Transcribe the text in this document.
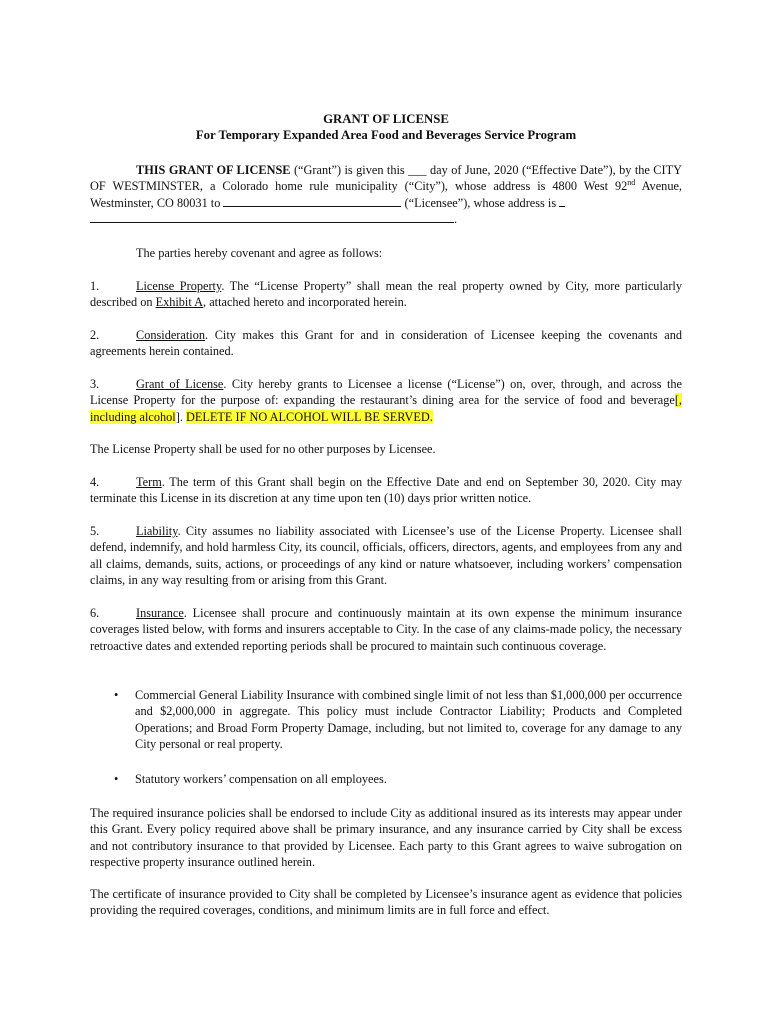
GRANT OF LICENSE
For Temporary Expanded Area Food and Beverages Service Program
THIS GRANT OF LICENSE (“Grant”) is given this ___ day of June, 2020 (“Effective Date”), by the CITY OF WESTMINSTER, a Colorado home rule municipality (“City”), whose address is 4800 West 92nd Avenue, Westminster, CO 80031 to	(“Licensee”), whose address is
.
The parties hereby covenant and agree as follows:
1.	License Property. The “License Property” shall mean the real property owned by City, more particularly described on Exhibit A, attached hereto and incorporated herein.
2.	Consideration. City makes this Grant for and in consideration of Licensee keeping the covenants and agreements herein contained.
3.	Grant of License. City hereby grants to Licensee a license (“License”) on, over, through, and across the License Property for the purpose of: expanding the restaurant’s dining area for the service of food and beverage[, including alcohol]. DELETE IF NO ALCOHOL WILL BE SERVED.
The License Property shall be used for no other purposes by Licensee.
4.	Term. The term of this Grant shall begin on the Effective Date and end on September 30, 2020. City may terminate this License in its discretion at any time upon ten (10) days prior written notice.
5.	Liability. City assumes no liability associated with Licensee’s use of the License Property. Licensee shall defend, indemnify, and hold harmless City, its council, officials, officers, directors, agents, and employees from any and all claims, demands, suits, actions, or proceedings of any kind or nature whatsoever, including workers’ compensation claims, in any way resulting from or arising from this Grant.
6.	Insurance. Licensee shall procure and continuously maintain at its own expense the minimum insurance coverages listed below, with forms and insurers acceptable to City. In the case of any claims-made policy, the necessary retroactive dates and extended reporting periods shall be procured to maintain such continuous coverage.
• Commercial General Liability Insurance with combined single limit of not less than $1,000,000 per occurrence and $2,000,000 in aggregate. This policy must include Contractor Liability; Products and Completed Operations; and Broad Form Property Damage, including, but not limited to, coverage for any damage to any City personal or real property.
• Statutory workers’ compensation on all employees.
The required insurance policies shall be endorsed to include City as additional insured as its interests may appear under this Grant. Every policy required above shall be primary insurance, and any insurance carried by City shall be excess and not contributory insurance to that provided by Licensee. Each party to this Grant agrees to waive subrogation on respective property insurance outlined herein.
The certificate of insurance provided to City shall be completed by Licensee’s insurance agent as evidence that policies providing the required coverages, conditions, and minimum limits are in full force and effect.
